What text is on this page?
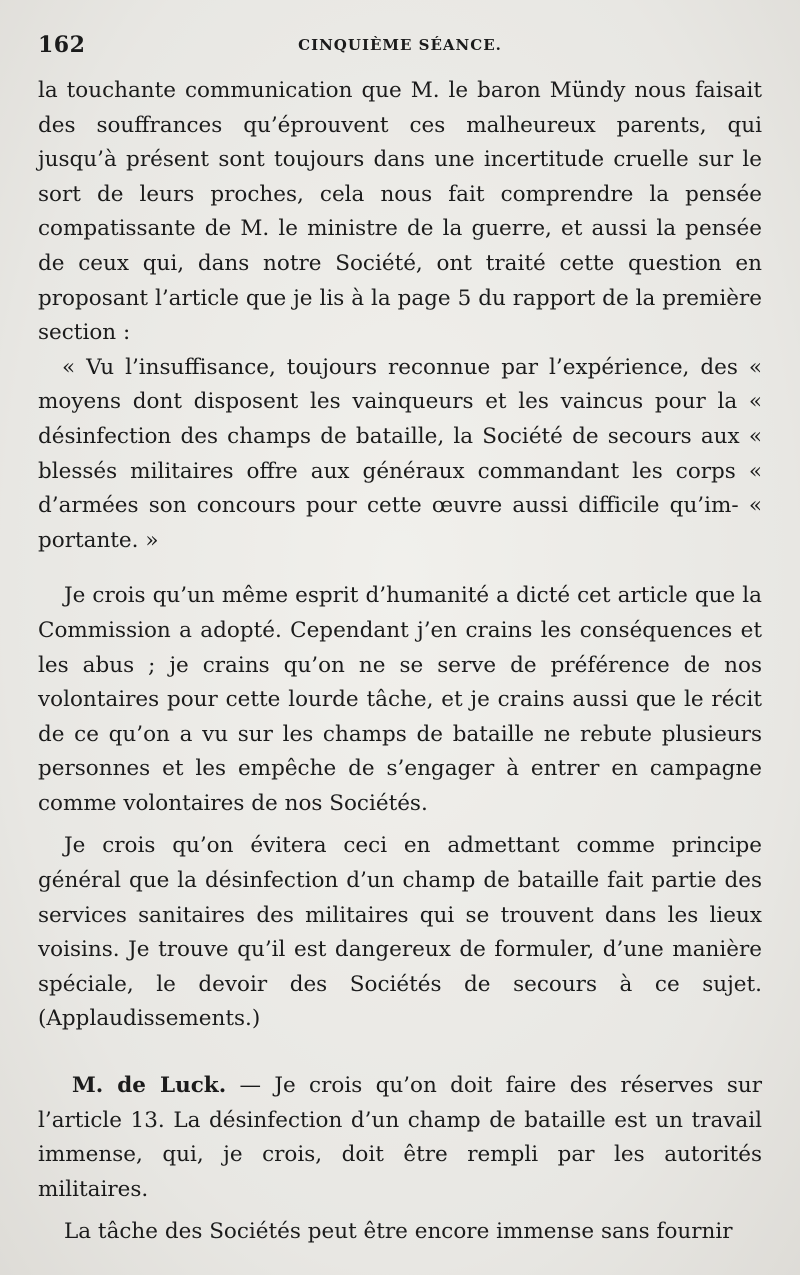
162	CINQUIÈME SÉANCE.

la touchante communication que M. le baron Mündy nous faisait des souffrances qu’éprouvent ces malheureux parents, qui jusqu’à présent sont toujours dans une incertitude cruelle sur le sort de leurs proches, cela nous fait comprendre la pensée compatissante de M. le ministre de la guerre, et aussi la pensée de ceux qui, dans notre Société, ont traité cette question en proposant l’article que je lis à la page 5 du rapport de la première section :

« Vu l’insuffisance, toujours reconnue par l’expérience, des « moyens dont disposent les vainqueurs et les vaincus pour la « désinfection des champs de bataille, la Société de secours aux « blessés militaires offre aux généraux commandant les corps « d’armées son concours pour cette œuvre aussi difficile qu’im- « portante. »

Je crois qu’un même esprit d’humanité a dicté cet article que la Commission a adopté. Cependant j’en crains les conséquences et les abus ; je crains qu’on ne se serve de préférence de nos volontaires pour cette lourde tâche, et je crains aussi que le récit de ce qu’on a vu sur les champs de bataille ne rebute plusieurs personnes et les empêche de s’engager à entrer en campagne comme volontaires de nos Sociétés.

Je crois qu’on évitera ceci en admettant comme principe général que la désinfection d’un champ de bataille fait partie des services sanitaires des militaires qui se trouvent dans les lieux voisins. Je trouve qu’il est dangereux de formuler, d’une manière spéciale, le devoir des Sociétés de secours à ce sujet. (Applaudissements.)

M. de Luck. — Je crois qu’on doit faire des réserves sur l’article 13. La désinfection d’un champ de bataille est un travail immense, qui, je crois, doit être rempli par les autorités militaires.

La tâche des Sociétés peut être encore immense sans fournir
